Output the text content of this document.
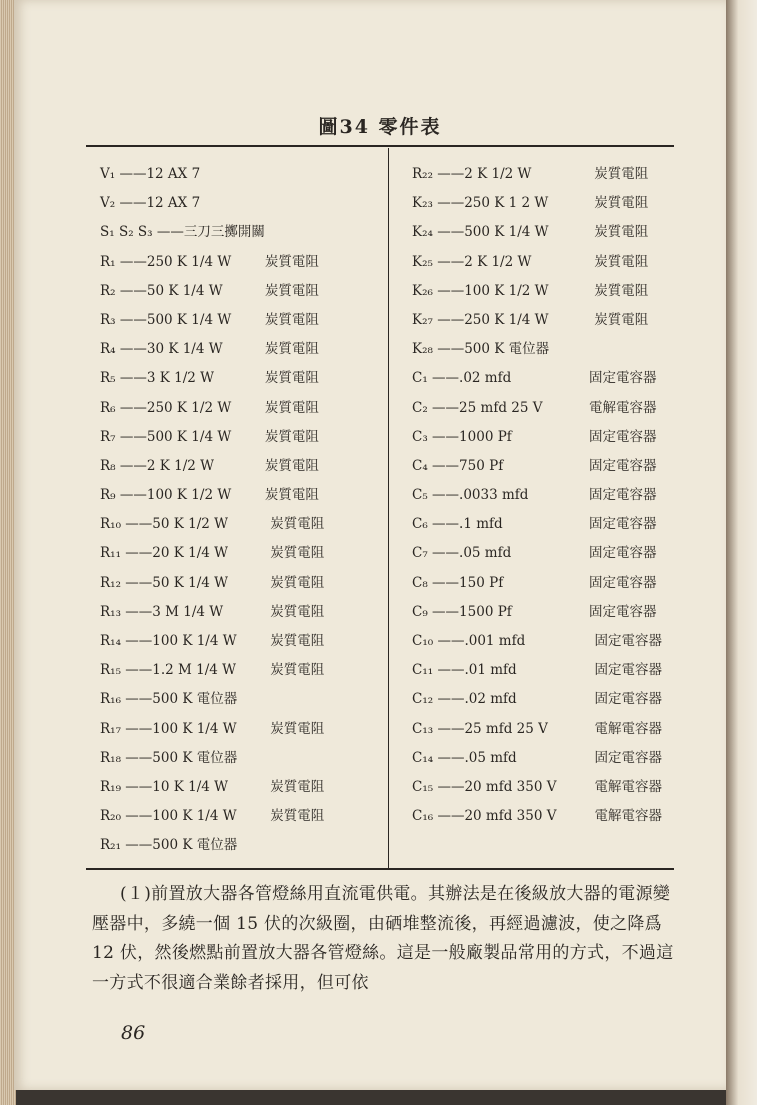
圖34 零件表
V₁ —— 12 AX 7
V₂ —— 12 AX 7
S₁ S₂ S₃ —— 三刀三擲開關
R₁ —— 250 K 1/4 W	炭質電阻
R₂ —— 50 K 1/4 W	炭質電阻
R₃ —— 500 K 1/4 W	炭質電阻
R₄ —— 30 K 1/4 W	炭質電阻
R₅ —— 3 K 1/2 W	炭質電阻
R₆ —— 250 K 1/2 W	炭質電阻
R₇ —— 500 K 1/4 W	炭質電阻
R₈ —— 2 K 1/2 W	炭質電阻
R₉ —— 100 K 1/2 W	炭質電阻
R₁₀ —— 50 K 1/2 W	炭質電阻
R₁₁ —— 20 K 1/4 W	炭質電阻
R₁₂ —— 50 K 1/4 W	炭質電阻
R₁₃ —— 3 M 1/4 W	炭質電阻
R₁₄ —— 100 K 1/4 W	炭質電阻
R₁₅ —— 1.2 M 1/4 W	炭質電阻
R₁₆ —— 500 K 電位器
R₁₇ —— 100 K 1/4 W	炭質電阻
R₁₈ —— 500 K 電位器
R₁₉ —— 10 K 1/4 W	炭質電阻
R₂₀ —— 100 K 1/4 W	炭質電阻
R₂₁ —— 500 K 電位器
R₂₂ —— 2 K 1/2 W	炭質電阻
K₂₃ —— 250 K 1 2 W	炭質電阻
K₂₄ —— 500 K 1/4 W	炭質電阻
K₂₅ —— 2 K 1/2 W	炭質電阻
K₂₆ —— 100 K 1/2 W	炭質電阻
K₂₇ —— 250 K 1/4 W	炭質電阻
K₂₈ —— 500 K 電位器
C₁ —— .02 mfd	固定電容器
C₂ —— 25 mfd 25 V	電解電容器
C₃ —— 1000 Pf	固定電容器
C₄ —— 750 Pf	固定電容器
C₅ —— .0033 mfd	固定電容器
C₆ —— .1 mfd	固定電容器
C₇ —— .05 mfd	固定電容器
C₈ —— 150 Pf	固定電容器
C₉ —— 1500 Pf	固定電容器
C₁₀ —— .001 mfd	固定電容器
C₁₁ —— .01 mfd	固定電容器
C₁₂ —— .02 mfd	固定電容器
C₁₃ —— 25 mfd 25 V	電解電容器
C₁₄ —— .05 mfd	固定電容器
C₁₅ —— 20 mfd 350 V	電解電容器
C₁₆ —— 20 mfd 350 V	電解電容器
(１)前置放大器各管燈絲用直流電供電。其辦法是在後級放大器的電源變壓器中，多繞一個 15 伏的次級圈，由硒堆整流後，再經過濾波，使之降爲 12 伏，然後燃點前置放大器各管燈絲。這是一般廠製品常用的方式，不過這一方式不很適合業餘者採用，但可依
86
